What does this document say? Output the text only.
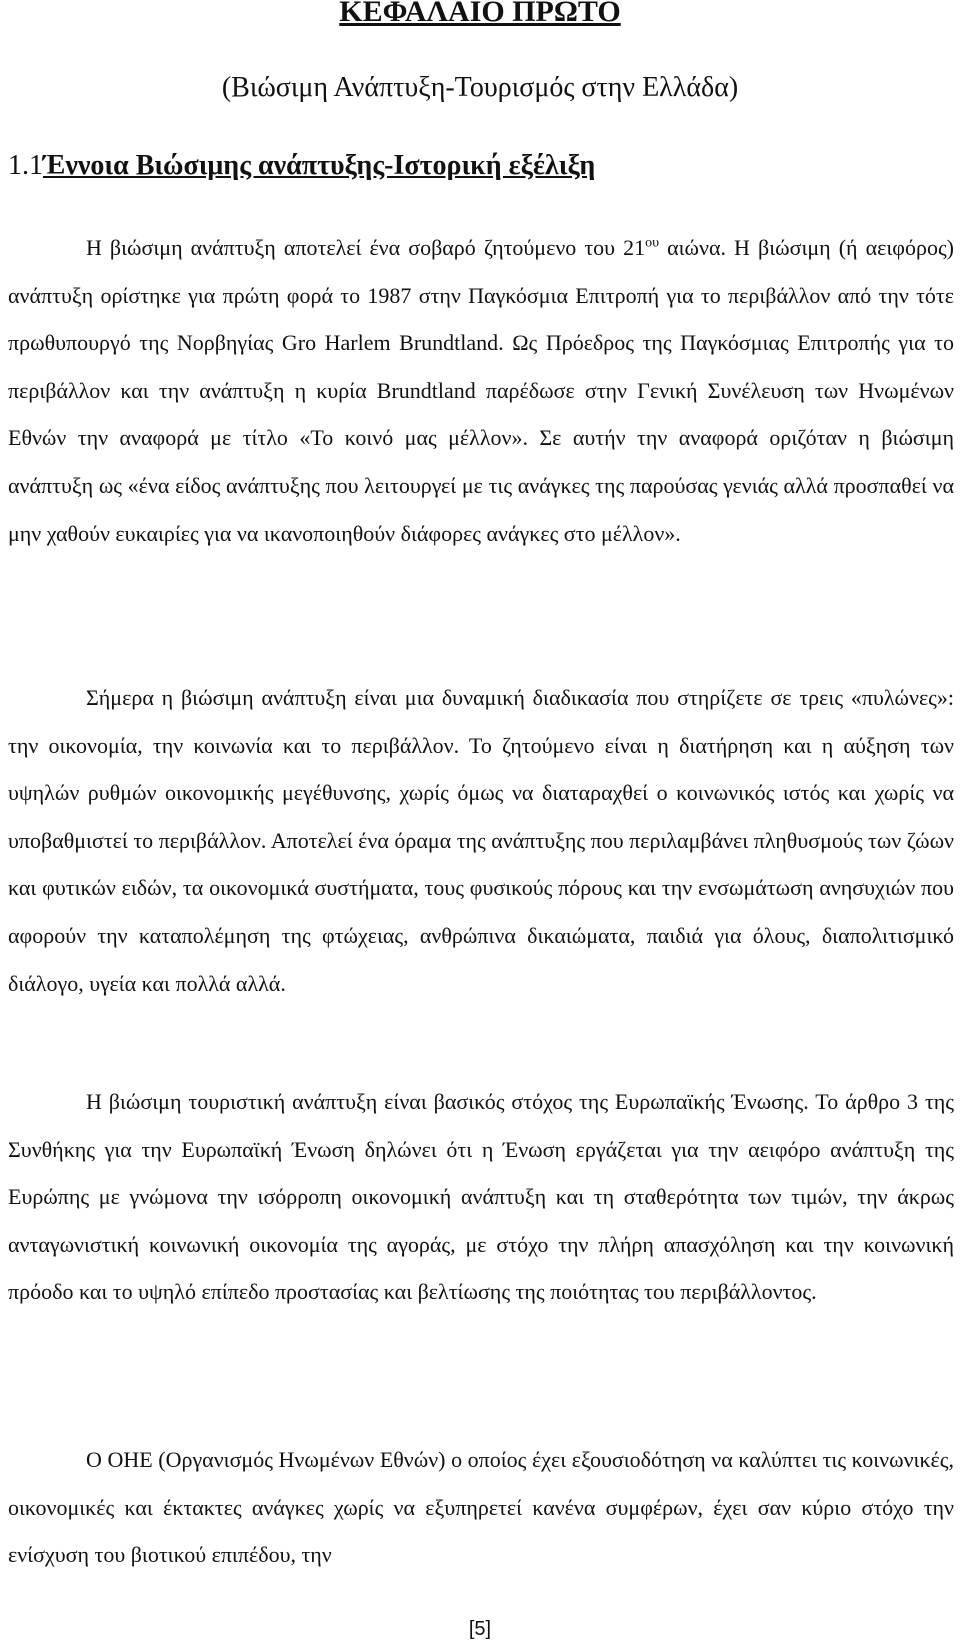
ΚΕΦΑΛΑΙΟ ΠΡΩΤΟ

(Βιώσιμη Ανάπτυξη-Τουρισμός στην Ελλάδα)

1.1Έννοια Βιώσιμης ανάπτυξης-Ιστορική εξέλιξη

Η βιώσιμη ανάπτυξη αποτελεί ένα σοβαρό ζητούμενο του $21^{o\upsilon}$ αιώνα. Η βιώσιμη (ή αειφόρος) ανάπτυξη ορίστηκε για πρώτη φορά το 1987 στην Παγκόσμια Επιτροπή για το περιβάλλον από την τότε πρωθυπουργό της Νορβηγίας Gro Harlem Brundtland. Ως Πρόεδρος της Παγκόσμιας Επιτροπής για το περιβάλλον και την ανάπτυξη η κυρία Brundtland παρέδωσε στην Γενική Συνέλευση των Ηνωμένων Εθνών την αναφορά με τίτλο «Το κοινό μας μέλλον». Σε αυτήν την αναφορά οριζόταν η βιώσιμη ανάπτυξη ως «ένα είδος ανάπτυξης που λειτουργεί με τις ανάγκες της παρούσας γενιάς αλλά προσπαθεί να μην χαθούν ευκαιρίες για να ικανοποιηθούν διάφορες ανάγκες στο μέλλον».

Σήμερα η βιώσιμη ανάπτυξη είναι μια δυναμική διαδικασία που στηρίζετε σε τρεις «πυλώνες»: την οικονομία, την κοινωνία και το περιβάλλον. Το ζητούμενο είναι η διατήρηση και η αύξηση των υψηλών ρυθμών οικονομικής μεγέθυνσης, χωρίς όμως να διαταραχθεί ο κοινωνικός ιστός και χωρίς να υποβαθμιστεί το περιβάλλον. Αποτελεί ένα όραμα της ανάπτυξης που περιλαμβάνει πληθυσμούς των ζώων και φυτικών ειδών, τα οικονομικά συστήματα, τους φυσικούς πόρους και την ενσωμάτωση ανησυχιών που αφορούν την καταπολέμηση της φτώχειας, ανθρώπινα δικαιώματα, παιδιά για όλους, διαπολιτισμικό διάλογο, υγεία και πολλά αλλά.

Η βιώσιμη τουριστική ανάπτυξη είναι βασικός στόχος της Ευρωπαϊκής Ένωσης. Το άρθρο 3 της Συνθήκης για την Ευρωπαϊκή Ένωση δηλώνει ότι η Ένωση εργάζεται για την αειφόρο ανάπτυξη της Ευρώπης με γνώμονα την ισόρροπη οικονομική ανάπτυξη και τη σταθερότητα των τιμών, την άκρως ανταγωνιστική κοινωνική οικονομία της αγοράς, με στόχο την πλήρη απασχόληση και την κοινωνική πρόοδο και το υψηλό επίπεδο προστασίας και βελτίωσης της ποιότητας του περιβάλλοντος.

Ο ΟΗΕ (Οργανισμός Ηνωμένων Εθνών) ο οποίος έχει εξουσιοδότηση να καλύπτει τις κοινωνικές, οικονομικές και έκτακτες ανάγκες χωρίς να εξυπηρετεί κανένα συμφέρων, έχει σαν κύριο στόχο την ενίσχυση του βιοτικού επιπέδου, την

[5]
